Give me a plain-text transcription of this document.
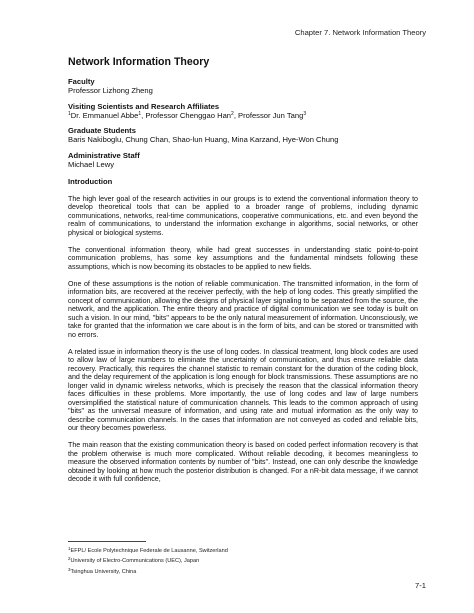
Chapter 7. Network Information Theory
Network Information Theory
Faculty
Professor Lizhong Zheng
Visiting Scientists and Research Affiliates
$^1$Dr. Emmanuel Abbe$^1$, Professor Chenggao Han$^2$, Professor Jun Tang$^3$
Graduate Students
Baris Nakiboglu, Chung Chan, Shao-lun Huang, Mina Karzand, Hye-Won Chung
Administrative Staff
Michael Lewy
Introduction

The high lever goal of the research activities in our groups is to extend the conventional information theory to develop theoretical tools that can be applied to a broader range of problems, including dynamic communications, networks, real-time communications, cooperative communications, etc. and even beyond the realm of communications, to understand the information exchange in algorithms, social networks, or other physical or biological systems.

The conventional information theory, while had great successes in understanding static point-to-point communication problems, has some key assumptions and the fundamental mindsets following these assumptions, which is now becoming its obstacles to be applied to new fields.

One of these assumptions is the notion of reliable communication. The transmitted information, in the form of information bits, are recovered at the receiver perfectly, with the help of long codes. This greatly simplified the concept of communication, allowing the designs of physical layer signaling to be separated from the source, the network, and the application. The entire theory and practice of digital communication we see today is built on such a vision. In our mind, "bits" appears to be the only natural measurement of information. Unconsciously, we take for granted that the information we care about is in the form of bits, and can be stored or transmitted with no errors.

A related issue in information theory is the use of long codes. In classical treatment, long block codes are used to allow law of large numbers to eliminate the uncertainty of communication, and thus ensure reliable data recovery. Practically, this requires the channel statistic to remain constant for the duration of the coding block, and the delay requirement of the application is long enough for block transmissions. These assumptions are no longer valid in dynamic wireless networks, which is precisely the reason that the classical information theory faces difficulties in these problems. More importantly, the use of long codes and law of large numbers oversimplified the statistical nature of communication channels. This leads to the common approach of using "bits" as the universal measure of information, and using rate and mutual information as the only way to describe communication channels. In the cases that information are not conveyed as coded and reliable bits, our theory becomes powerless.

The main reason that the existing communication theory is based on coded perfect information recovery is that the problem otherwise is much more complicated. Without reliable decoding, it becomes meaningless to measure the observed information contents by number of "bits". Instead, one can only describe the knowledge obtained by looking at how much the posterior distribution is changed. For a nR-bit data message, if we cannot decode it with full confidence,

$^1$EFPL/ Ecole Polytechnique Federale de Lausanne, Switzerland
$^2$University of Electro-Communications (UEC), Japan
$^3$Tsinghua University, China
7-1
